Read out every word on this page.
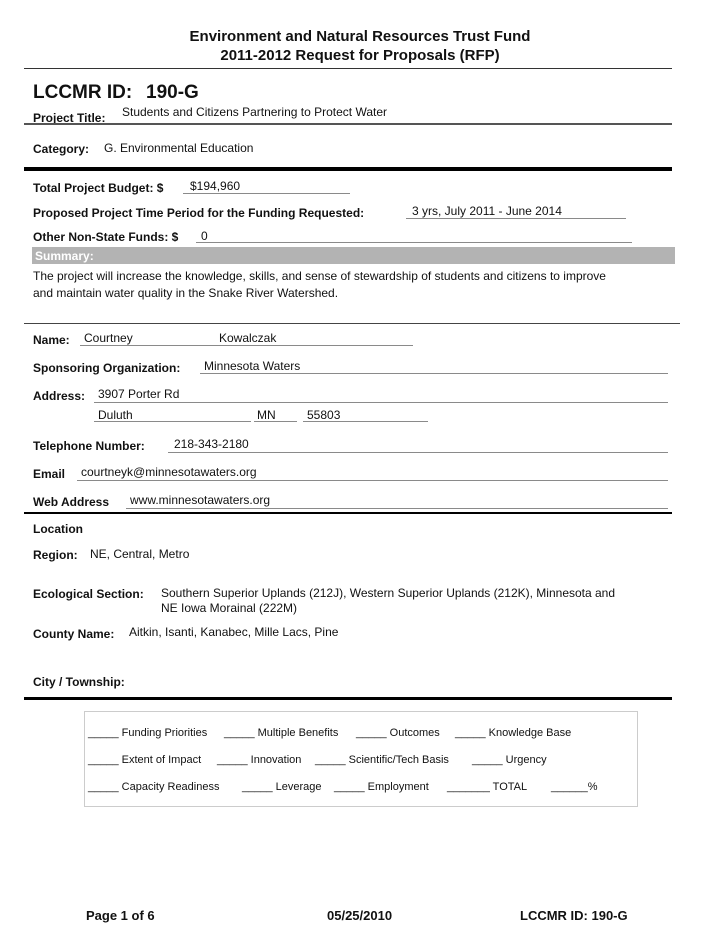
Environment and Natural Resources Trust Fund
2011-2012 Request for Proposals (RFP)
LCCMR ID: 190-G
Project Title: Students and Citizens Partnering to Protect Water
Category: G. Environmental Education
Total Project Budget: $ $194,960
Proposed Project Time Period for the Funding Requested:	3 yrs, July 2011 - June 2014
Other Non-State Funds: $ 0
Summary:
The project will increase the knowledge, skills, and sense of stewardship of students and citizens to improve
and maintain water quality in the Snake River Watershed.
Name: Courtney	Kowalczak
Sponsoring Organization: Minnesota Waters
Address: 3907 Porter Rd
Duluth	MN	55803
Telephone Number: 218-343-2180
Email courtneyk@minnesotawaters.org
Web Address www.minnesotawaters.org
Location
Region: NE, Central, Metro
Ecological Section: Southern Superior Uplands (212J), Western Superior Uplands (212K), Minnesota and
NE Iowa Morainal (222M)
County Name: Aitkin, Isanti, Kanabec, Mille Lacs, Pine
City / Township:
_____ Funding Priorities _____ Multiple Benefits _____ Outcomes _____ Knowledge Base
_____ Extent of Impact _____ Innovation _____ Scientific/Tech Basis _____ Urgency
_____ Capacity Readiness _____ Leverage _____ Employment _______ TOTAL ______%
Page 1 of 6	05/25/2010	LCCMR ID: 190-G
